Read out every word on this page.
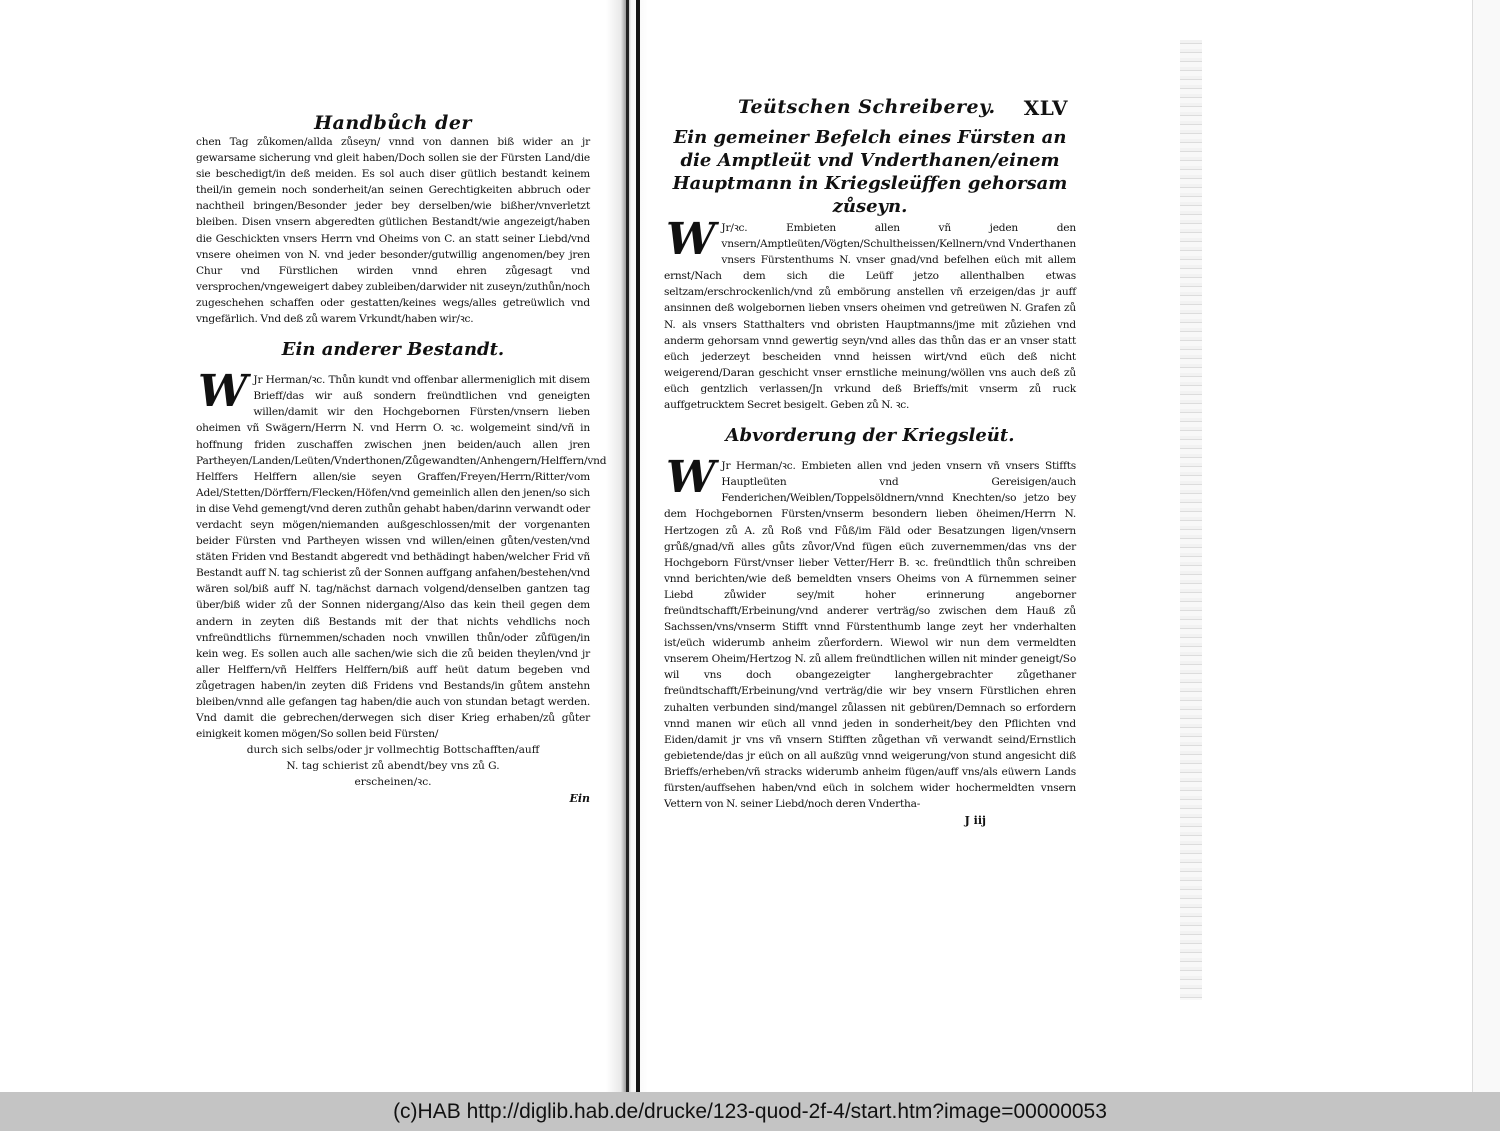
Handbůch der

chen Tag zůkomen/allda zůseyn/ vnnd von dannen biß wider an jr gewarsame sicherung vnd gleit haben/Doch sollen sie der Fürsten Land/die sie beschedigt/in deß meiden. Es sol auch diser gütlich bestandt keinem theil/in gemein noch sonderheit/an seinen Gerechtigkeiten abbruch oder nachtheil bringen/Besonder jeder bey derselben/wie bißher/vnverletzt bleiben. Disen vnsern abgeredten gütlichen Bestandt/wie angezeigt/haben die Geschickten vnsers Herrn vnd Oheims von C. an statt seiner Liebd/vnd vnsere oheimen von N. vnd jeder besonder/gutwillig angenomen/bey jren Chur vnd Fürstlichen wirden vnnd ehren zůgesagt vnd versprochen/vngeweigert dabey zubleiben/darwider nit zuseyn/zuthůn/noch zugeschehen schaffen oder gestatten/keines wegs/alles getreüwlich vnd vngefärlich. Vnd deß zů warem Vrkundt/haben wir/ꝛc.

Ein anderer Bestandt.

W Jr Herman/ꝛc. Thůn kundt vnd offenbar allermeniglich mit disem Brieff/das wir auß sondern freündtlichen vnd geneigten willen/damit wir den Hochgebornen Fürsten/vnsern lieben oheimen vñ Swägern/Herrn N. vnd Herrn O. ꝛc. wolgemeint sind/vñ in hoffnung friden zuschaffen zwischen jnen beiden/auch allen jren Partheyen/Landen/Leüten/Vnderthonen/Zůgewandten/Anhengern/Helffern/vnd Helffers Helffern allen/sie seyen Graffen/Freyen/Herrn/Ritter/vom Adel/Stetten/Dörffern/Flecken/Höfen/vnd gemeinlich allen den jenen/so sich in dise Vehd gemengt/vnd deren zuthůn gehabt haben/darinn verwandt oder verdacht seyn mögen/niemanden außgeschlossen/mit der vorgenanten beider Fürsten vnd Partheyen wissen vnd willen/einen gůten/vesten/vnd stäten Friden vnd Bestandt abgeredt vnd bethädingt haben/welcher Frid vñ Bestandt auff N. tag schierist zů der Sonnen auffgang anfahen/bestehen/vnd wären sol/biß auff N. tag/nächst darnach volgend/denselben gantzen tag über/biß wider zů der Sonnen nidergang/Also das kein theil gegen dem andern in zeyten diß Bestands mit der that nichts vehdlichs noch vnfreündtlichs fürnemmen/schaden noch vnwillen thůn/oder zůfügen/in kein weg. Es sollen auch alle sachen/wie sich die zů beiden theylen/vnd jr aller Helffern/vñ Helffers Helffern/biß auff heüt datum begeben vnd zůgetragen haben/in zeyten diß Fridens vnd Bestands/in gůtem anstehn bleiben/vnnd alle gefangen tag haben/die auch von stundan betagt werden. Vnd damit die gebrechen/derwegen sich diser Krieg erhaben/zů gůter einigkeit komen mögen/So sollen beid Fürsten/

durch sich selbs/oder jr vollmechtig Bottschafften/auff

N. tag schierist zů abendt/bey vns zů G.

erscheinen/ꝛc.

Ein

Teütschen Schreiberey. XLV

Ein gemeiner Befelch eines Fürsten an die Amptleüt vnd Vnderthanen/einem Hauptmann in Kriegsleüffen gehorsam zůseyn.

W Jr/ꝛc. Embieten allen vñ jeden den vnsern/Amptleüten/Vögten/Schultheissen/Kellnern/vnd Vnderthanen vnsers Fürstenthums N. vnser gnad/vnd befelhen eüch mit allem ernst/Nach dem sich die Leüff jetzo allenthalben etwas seltzam/erschrockenlich/vnd zů embörung anstellen vñ erzeigen/das jr auff ansinnen deß wolgebornen lieben vnsers oheimen vnd getreüwen N. Grafen zů N. als vnsers Statthalters vnd obristen Hauptmanns/jme mit zůziehen vnd anderm gehorsam vnnd gewertig seyn/vnd alles das thůn das er an vnser statt eüch jederzeyt bescheiden vnnd heissen wirt/vnd eüch deß nicht weigerend/Daran geschicht vnser ernstliche meinung/wöllen vns auch deß zů eüch gentzlich verlassen/Jn vrkund deß Brieffs/mit vnserm zů ruck auffgetrucktem Secret besigelt. Geben zů N. ꝛc.

Abvorderung der Kriegsleüt.

W Jr Herman/ꝛc. Embieten allen vnd jeden vnsern vñ vnsers Stiffts Hauptleüten vnd Gereisigen/auch Fenderichen/Weiblen/Toppelsöldnern/vnnd Knechten/so jetzo bey dem Hochgebornen Fürsten/vnserm besondern lieben öheimen/Herrn N. Hertzogen zů A. zů Roß vnd Fůß/im Fäld oder Besatzungen ligen/vnsern grůß/gnad/vñ alles gůts zůvor/Vnd fügen eüch zuvernemmen/das vns der Hochgeborn Fürst/vnser lieber Vetter/Herr B. ꝛc. freündtlich thůn schreiben vnnd berichten/wie deß bemeldten vnsers Oheims von A fürnemmen seiner Liebd zůwider sey/mit hoher erinnerung angeborner freündtschafft/Erbeinung/vnd anderer verträg/so zwischen dem Hauß zů Sachssen/vns/vnserm Stifft vnnd Fürstenthumb lange zeyt her vnderhalten ist/eüch widerumb anheim zůerfordern. Wiewol wir nun dem vermeldten vnserem Oheim/Hertzog N. zů allem freündtlichen willen nit minder geneigt/So wil vns doch obangezeigter langhergebrachter zůgethaner freündtschafft/Erbeinung/vnd verträg/die wir bey vnsern Fürstlichen ehren zuhalten verbunden sind/mangel zůlassen nit gebüren/Demnach so erfordern vnnd manen wir eüch all vnnd jeden in sonderheit/bey den Pflichten vnd Eiden/damit jr vns vñ vnsern Stifften zůgethan vñ verwandt seind/Ernstlich gebietende/das jr eüch on all außzüg vnnd weigerung/von stund angesicht diß Brieffs/erheben/vñ stracks widerumb anheim fügen/auff vns/als eüwern Lands fürsten/auffsehen haben/vnd eüch in solchem wider hochermeldten vnsern Vettern von N. seiner Liebd/noch deren Vndertha-

J iij

(c)HAB http://diglib.hab.de/drucke/123-quod-2f-4/start.htm?image=00000053
